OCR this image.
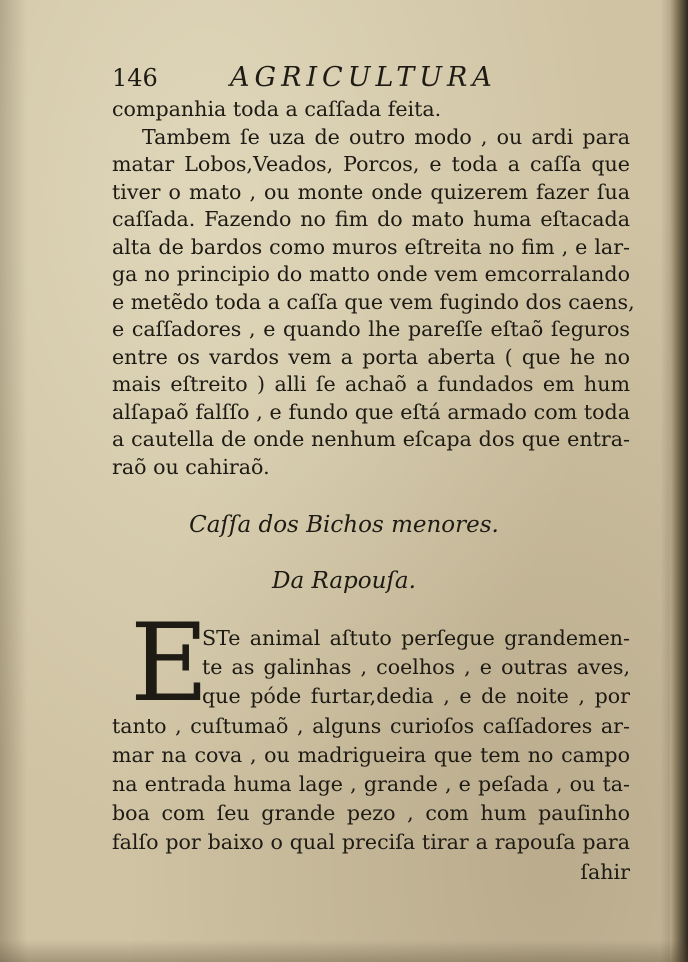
146	AGRICULTURA
companhia toda a caſſada feita.
Tambem ſe uza de outro modo , ou ardi para
matar Lobos,Veados, Porcos, e toda a caſſa que
tiver o mato , ou monte onde quizerem fazer ſua
caſſada. Fazendo no fim do mato huma eſtacada
alta de bardos como muros eſtreita no fim , e lar-
ga no principio do matto onde vem emcorralando
e metẽdo toda a caſſa que vem fugindo dos caens,
e caſſadores , e quando lhe pareſſe eſtaõ ſeguros
entre os vardos vem a porta aberta ( que he no
mais eſtreito ) alli ſe achaõ a fundados em hum
alſapaõ falſſo , e fundo que eſtá armado com toda
a cautella de onde nenhum eſcapa dos que entra-
raõ ou cahiraõ.
Caſſa dos Bichos menores.
Da Rapouſa.
E
STe animal aſtuto perſegue grandemen-
te as galinhas , coelhos , e outras aves,
que póde furtar,dedia , e de noite , por
tanto , cuſtumaõ , alguns curioſos caſſadores ar-
mar na cova , ou madrigueira que tem no campo
na entrada huma lage , grande , e peſada , ou ta-
boa com ſeu grande pezo , com hum pauſinho
falſo por baixo o qual preciſa tirar a rapouſa para
ſahir
